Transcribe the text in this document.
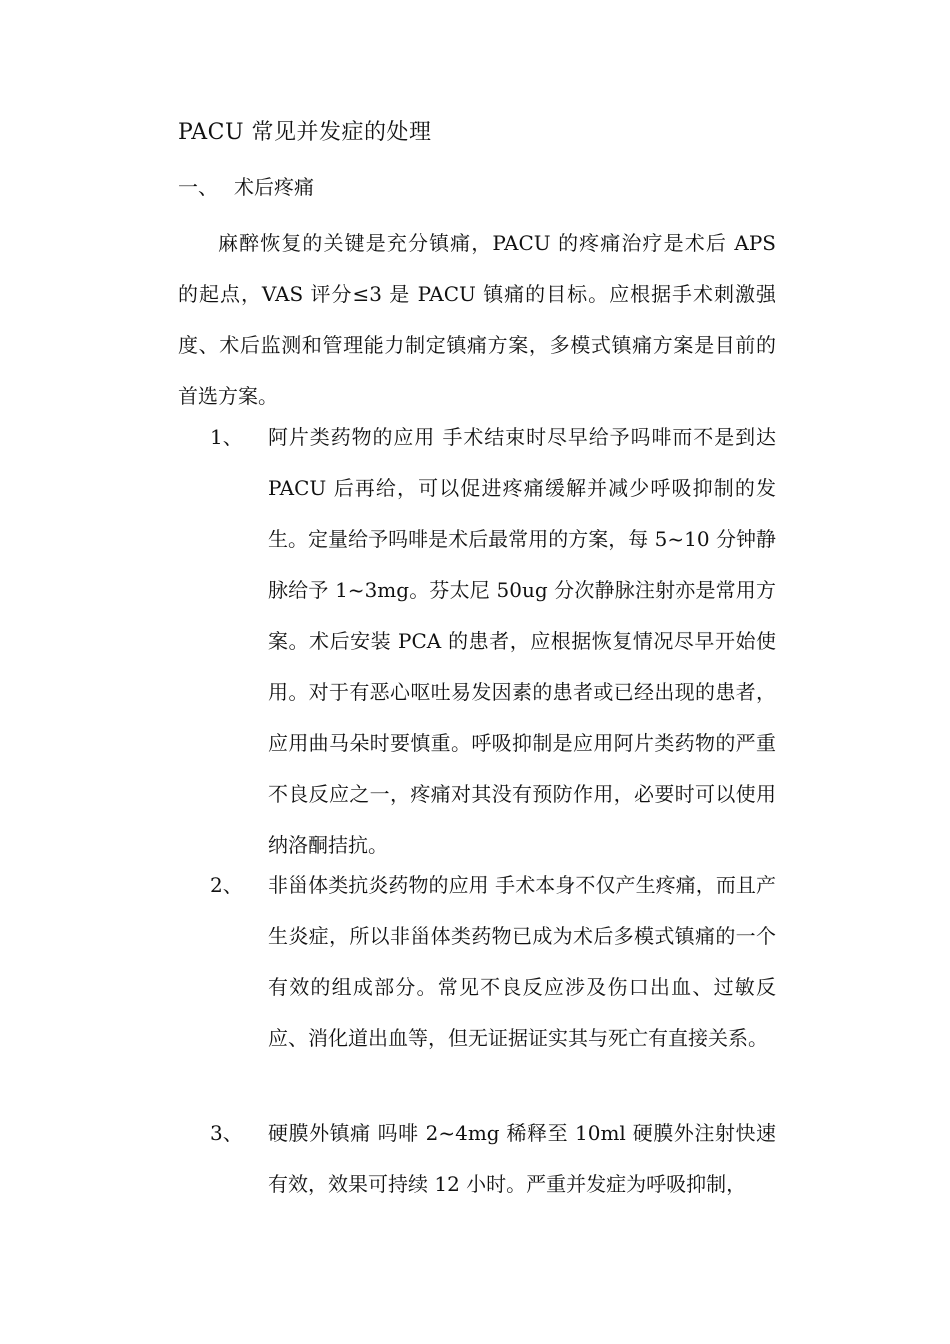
PACU 常见并发症的处理
一、 术后疼痛

麻醉恢复的关键是充分镇痛，PACU 的疼痛治疗是术后 APS 的起点，VAS 评分≤3 是 PACU 镇痛的目标。应根据手术刺激强度、术后监测和管理能力制定镇痛方案，多模式镇痛方案是目前的首选方案。

1、 阿片类药物的应用 手术结束时尽早给予吗啡而不是到达 PACU 后再给，可以促进疼痛缓解并减少呼吸抑制的发生。定量给予吗啡是术后最常用的方案，每 5~10 分钟静脉给予 1~3mg。芬太尼 50ug 分次静脉注射亦是常用方案。术后安装 PCA 的患者，应根据恢复情况尽早开始使用。对于有恶心呕吐易发因素的患者或已经出现的患者，应用曲马朵时要慎重。呼吸抑制是应用阿片类药物的严重不良反应之一，疼痛对其没有预防作用，必要时可以使用纳洛酮拮抗。
2、 非甾体类抗炎药物的应用 手术本身不仅产生疼痛，而且产生炎症，所以非甾体类药物已成为术后多模式镇痛的一个有效的组成部分。常见不良反应涉及伤口出血、过敏反应、消化道出血等，但无证据证实其与死亡有直接关系。
3、 硬膜外镇痛 吗啡 2~4mg 稀释至 10ml 硬膜外注射快速有效，效果可持续 12 小时。严重并发症为呼吸抑制，
